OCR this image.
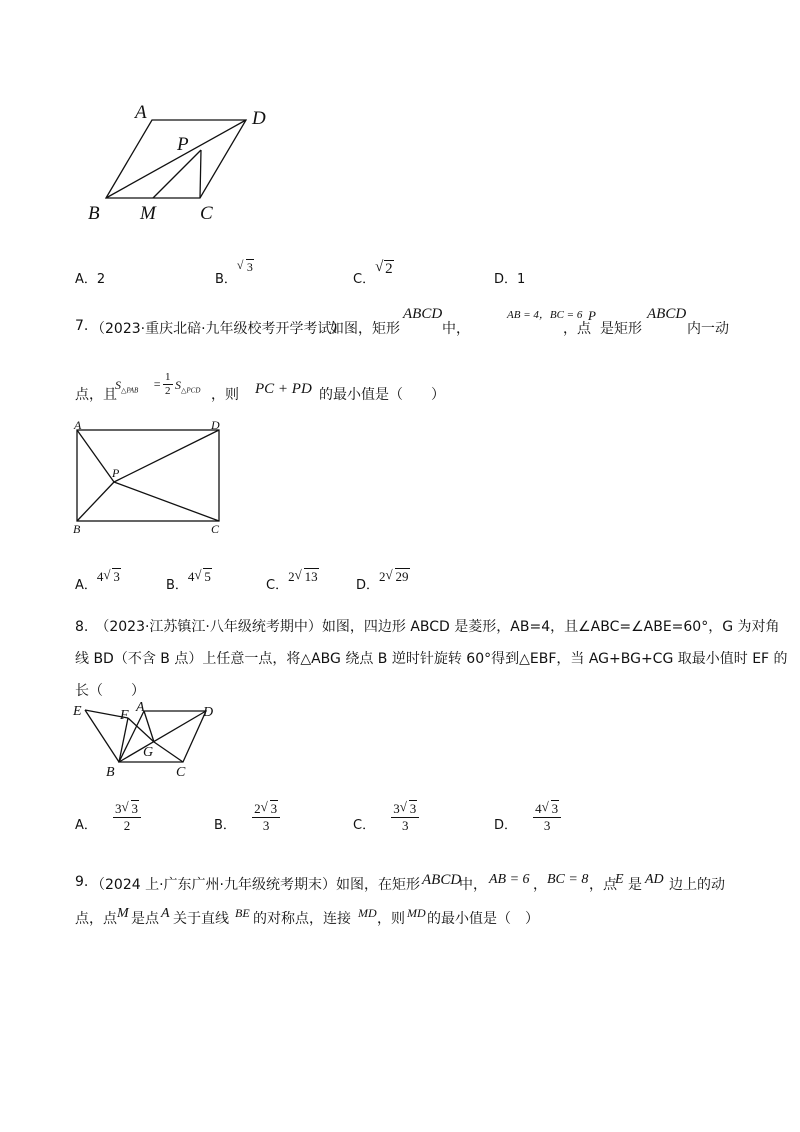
A	D
P
B M C
A．2	B．√ 3
C．√ 2
D．1
7. （2023·重庆北碚·九年级校考开学考试）
如图，矩形
ABCD
中，
AB = 4，BC = 6
，点
P
是矩形
ABCD
内一动
点，且
$S_{\triangle PAB} = \frac{1}{2} S_{\triangle PCD}$ ，则 PC + PD 的最小值是（　　）
A	D
P
B	C
A．4 √ 3
B．4 √ 5
C．2 √ 13
D．2 √ 29
8.　（2023·江苏镇江·八年级统考期中）如图，四边形 ABCD 是菱形，AB=4，且∠ABC=∠ABE=60°，G 为对角
线 BD（不含 B 点）上任意一点，将△ABG 绕点 B 逆时针旋转 60°得到△EBF，当 AG+BG+CG 取最小值时 EF 的
长（　　）
E	F
A	D
G
B	C
A． $\frac{3 √ 3}{2}$	B． $\frac{2 √ 3}{3}$	C． $\frac{3 √ 3}{3}$	D． $\frac{4 √ 3}{3}$
9. （2024 上·广东广州·九年级统考期末）如图，在矩形 ABCD
中， AB = 6 ， BC = 8 ，点
E 是 AD 边上的动
点，点 M 是点 A 关于直线 BE 的对称点，连接 MD ，则 MD 的最小值是（　）
